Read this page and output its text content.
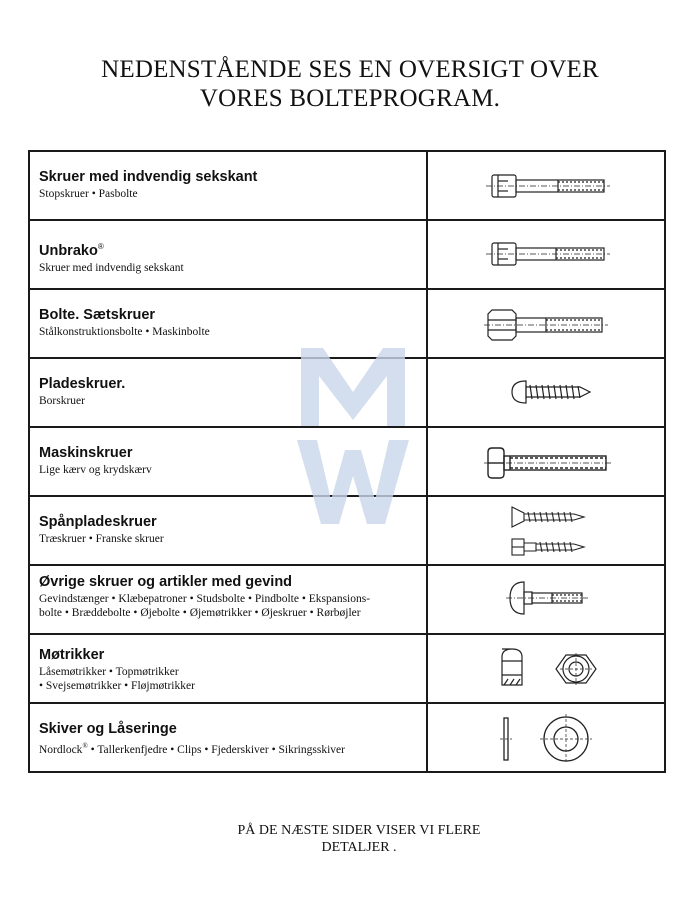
NEDENSTÅENDE SES EN OVERSIGT OVER
VORES BOLTEPROGRAM.
Skruer med indvendig sekskant
Stopskruer • Pasbolte
Unbrako®
Skruer med indvendig sekskant
Bolte. Sætskruer
Stålkonstruktionsbolte • Maskinbolte
Pladeskruer.
Borskruer
Maskinskruer
Lige kærv og krydskærv
Spånpladeskruer
Træskruer • Franske skruer
Øvrige skruer og artikler med gevind
Gevindstænger • Klæbepatroner • Studsbolte • Pindbolte • Ekspansions-
bolte • Bræddebolte • Øjebolte • Øjemøtrikker • Øjeskruer • Rørbøjler
Møtrikker
Låsemøtrikker • Topmøtrikker
• Svejsemøtrikker • Fløjmøtrikker
Skiver og Låseringe
Nordlock® • Tallerkenfjedre • Clips • Fjederskiver • Sikringsskiver
PÅ DE NÆSTE SIDER VISER VI FLERE
DETALJER .
